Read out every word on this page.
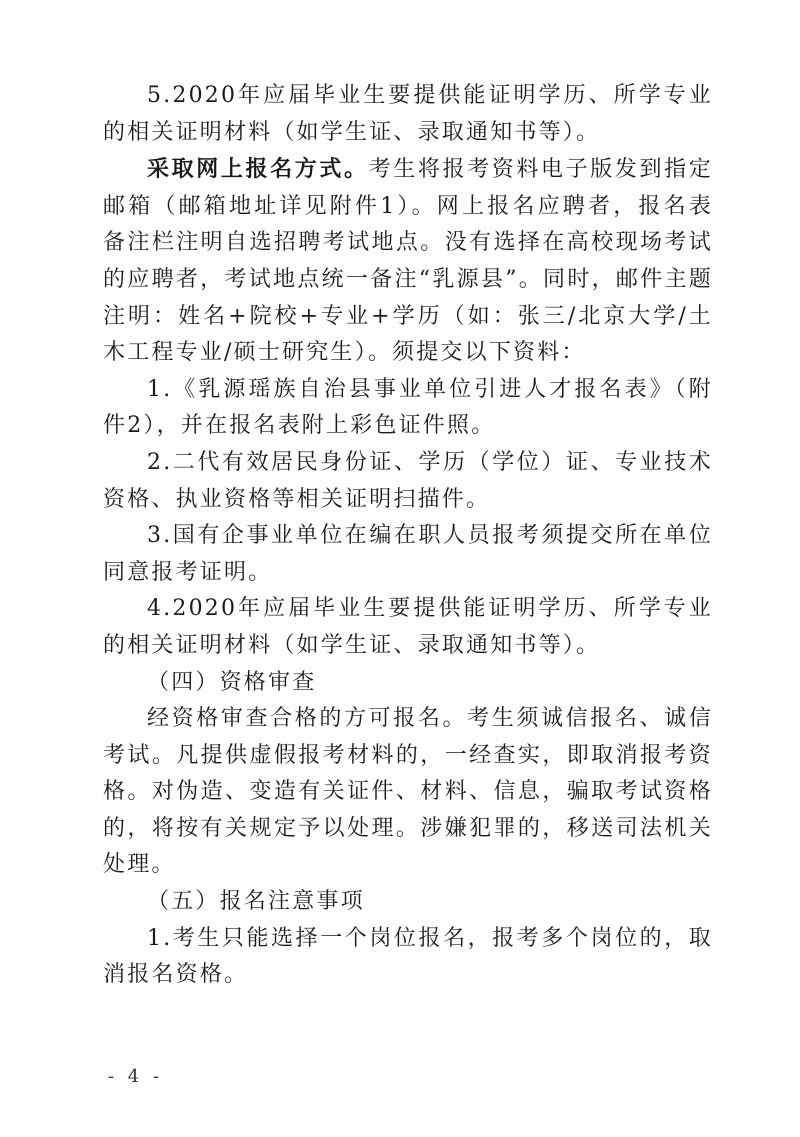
5.2020年应届毕业生要提供能证明学历、所学专业的相关证明材料（如学生证、录取通知书等）。

采取网上报名方式。考生将报考资料电子版发到指定邮箱（邮箱地址详见附件1）。网上报名应聘者，报名表备注栏注明自选招聘考试地点。没有选择在高校现场考试的应聘者，考试地点统一备注“乳源县”。同时，邮件主题注明：姓名+院校+专业+学历（如：张三/北京大学/土木工程专业/硕士研究生）。须提交以下资料：

1.《乳源瑶族自治县事业单位引进人才报名表》（附件2），并在报名表附上彩色证件照。

2.二代有效居民身份证、学历（学位）证、专业技术资格、执业资格等相关证明扫描件。

3.国有企事业单位在编在职人员报考须提交所在单位同意报考证明。

4.2020年应届毕业生要提供能证明学历、所学专业的相关证明材料（如学生证、录取通知书等）。

（四）资格审查

经资格审查合格的方可报名。考生须诚信报名、诚信考试。凡提供虚假报考材料的，一经查实，即取消报考资格。对伪造、变造有关证件、材料、信息，骗取考试资格的，将按有关规定予以处理。涉嫌犯罪的，移送司法机关处理。

（五）报名注意事项

1.考生只能选择一个岗位报名，报考多个岗位的，取消报名资格。

- 4 -
